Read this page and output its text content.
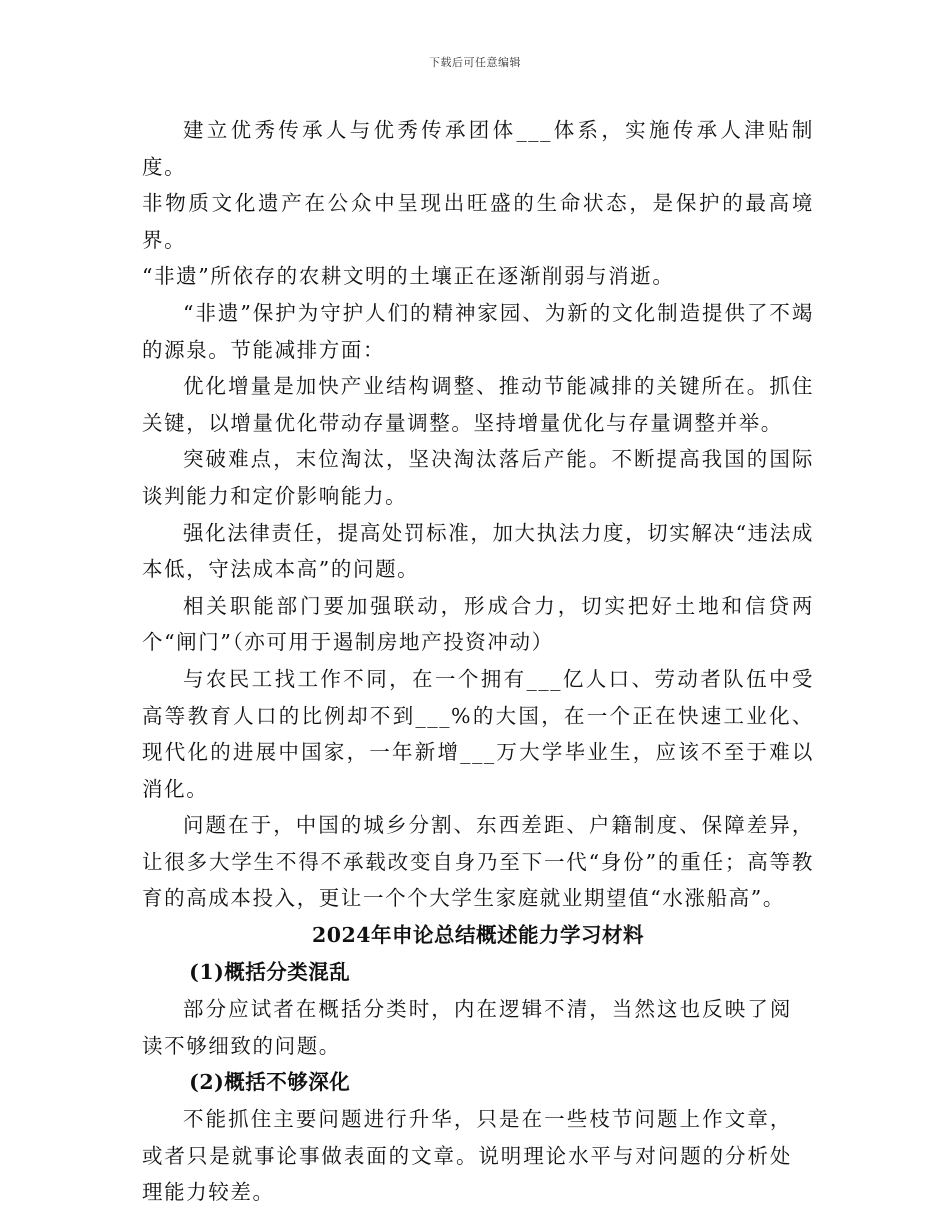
下载后可任意编辑

建立优秀传承人与优秀传承团体___体系，实施传承人津贴制度。

非物质文化遗产在公众中呈现出旺盛的生命状态，是保护的最高境界。

“非遗”所依存的农耕文明的土壤正在逐渐削弱与消逝。

“非遗”保护为守护人们的精神家园、为新的文化制造提供了不竭的源泉。节能减排方面：

优化增量是加快产业结构调整、推动节能减排的关键所在。抓住关键，以增量优化带动存量调整。坚持增量优化与存量调整并举。

突破难点，末位淘汰，坚决淘汰落后产能。不断提高我国的国际谈判能力和定价影响能力。

强化法律责任，提高处罚标准，加大执法力度，切实解决“违法成本低，守法成本高”的问题。

相关职能部门要加强联动，形成合力，切实把好土地和信贷两个“闸门”（亦可用于遏制房地产投资冲动）

与农民工找工作不同，在一个拥有___亿人口、劳动者队伍中受高等教育人口的比例却不到___%的大国，在一个正在快速工业化、现代化的进展中国家，一年新增___万大学毕业生，应该不至于难以消化。

问题在于，中国的城乡分割、东西差距、户籍制度、保障差异，让很多大学生不得不承载改变自身乃至下一代“身份”的重任；高等教育的高成本投入，更让一个个大学生家庭就业期望值“水涨船高”。

2024年申论总结概述能力学习材料
(1)概括分类混乱

部分应试者在概括分类时，内在逻辑不清，当然这也反映了阅读不够细致的问题。

(2)概括不够深化

不能抓住主要问题进行升华，只是在一些枝节问题上作文章，或者只是就事论事做表面的文章。说明理论水平与对问题的分析处理能力较差。
